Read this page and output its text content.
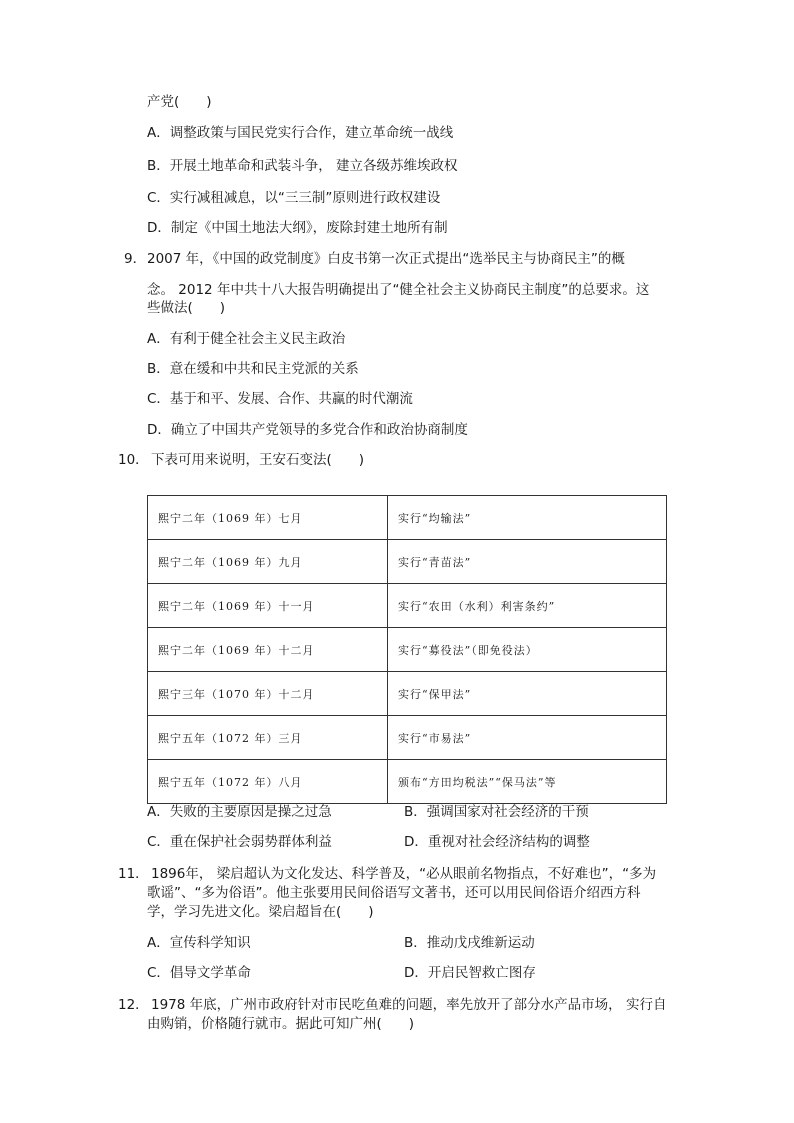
产党(　　)
A．调整政策与国民党实行合作，建立革命统一战线
B．开展土地革命和武装斗争， 建立各级苏维埃政权
C．实行减租减息，以“三三制”原则进行政权建设
D．制定《中国土地法大纲》，废除封建土地所有制
9． 2007 年，《中国的政党制度》白皮书第一次正式提出“选举民主与协商民主”的概
念。 2012 年中共十八大报告明确提出了“健全社会主义协商民主制度”的总要求。这
些做法(　　)
A．有利于健全社会主义民主政治
B．意在缓和中共和民主党派的关系
C．基于和平、发展、合作、共赢的时代潮流
D．确立了中国共产党领导的多党合作和政治协商制度
10． 下表可用来说明，王安石变法(　　)
熙宁二年（1069 年）七月	实行“均输法”
熙宁二年（1069 年）九月	实行“青苗法”
熙宁二年（1069 年）十一月	实行“农田（水利）利害条约”
熙宁二年（1069 年）十二月	实行“募役法”（即免役法）
熙宁三年（1070 年）十二月	实行“保甲法”
熙宁五年（1072 年）三月	实行“市易法”
熙宁五年（1072 年）八月	颁布“方田均税法”“保马法”等
A．失败的主要原因是操之过急	B．强调国家对社会经济的干预
C．重在保护社会弱势群体利益	D．重视对社会经济结构的调整
11． 1896年， 梁启超认为文化发达、科学普及，“必从眼前名物指点，不好难也”，“多为
歌谣”、“多为俗语”。他主张要用民间俗语写文著书，还可以用民间俗语介绍西方科
学，学习先进文化。梁启超旨在(　　)
A．宣传科学知识	B．推动戊戌维新运动
C．倡导文学革命	D．开启民智救亡图存
12． 1978 年底，广州市政府针对市民吃鱼难的问题，率先放开了部分水产品市场， 实行自
由购销，价格随行就市。据此可知广州(　　)
